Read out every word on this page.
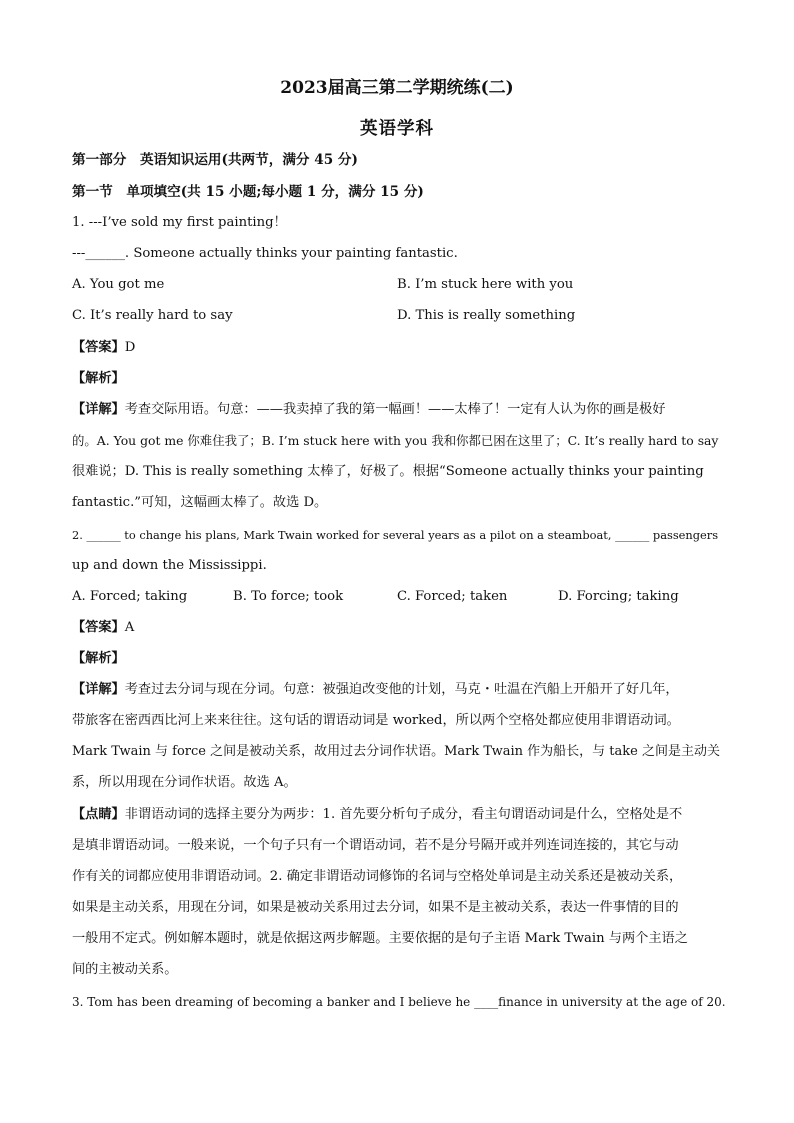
2023届高三第二学期统练(二)
英语学科
第一部分　英语知识运用(共两节，满分 45 分)
第一节　单项填空(共 15 小题;每小题 1 分，满分 15 分)
1. ---I’ve sold my first painting！
---______. Someone actually thinks your painting fantastic.
A. You got me	B. I’m stuck here with you
C. It’s really hard to say	D. This is really something
【答案】D
【解析】
【详解】考查交际用语。句意：——我卖掉了我的第一幅画！——太棒了！一定有人认为你的画是极好
的。A. You got me 你难住我了；B. I’m stuck here with you 我和你都已困在这里了；C. It’s really hard to say
很难说；D. This is really something 太棒了，好极了。根据“Someone actually thinks your painting
fantastic.”可知，这幅画太棒了。故选 D。
2. ______ to change his plans, Mark Twain worked for several years as a pilot on a steamboat, ______ passengers
up and down the Mississippi.
A. Forced; taking	B. To force; took	C. Forced; taken	D. Forcing; taking
【答案】A
【解析】
【详解】考查过去分词与现在分词。句意：被强迫改变他的计划，马克・吐温在汽船上开船开了好几年，
带旅客在密西西比河上来来往往。这句话的谓语动词是 worked，所以两个空格处都应使用非谓语动词。
Mark Twain 与 force 之间是被动关系，故用过去分词作状语。Mark Twain 作为船长，与 take 之间是主动关
系，所以用现在分词作状语。故选 A。
【点睛】非谓语动词的选择主要分为两步：1. 首先要分析句子成分，看主句谓语动词是什么，空格处是不
是填非谓语动词。一般来说，一个句子只有一个谓语动词，若不是分号隔开或并列连词连接的，其它与动
作有关的词都应使用非谓语动词。2. 确定非谓语动词修饰的名词与空格处单词是主动关系还是被动关系，
如果是主动关系，用现在分词，如果是被动关系用过去分词，如果不是主被动关系，表达一件事情的目的
一般用不定式。例如解本题时，就是依据这两步解题。主要依据的是句子主语 Mark Twain 与两个主语之
间的主被动关系。
3. Tom has been dreaming of becoming a banker and I believe he ____finance in university at the age of 20.
